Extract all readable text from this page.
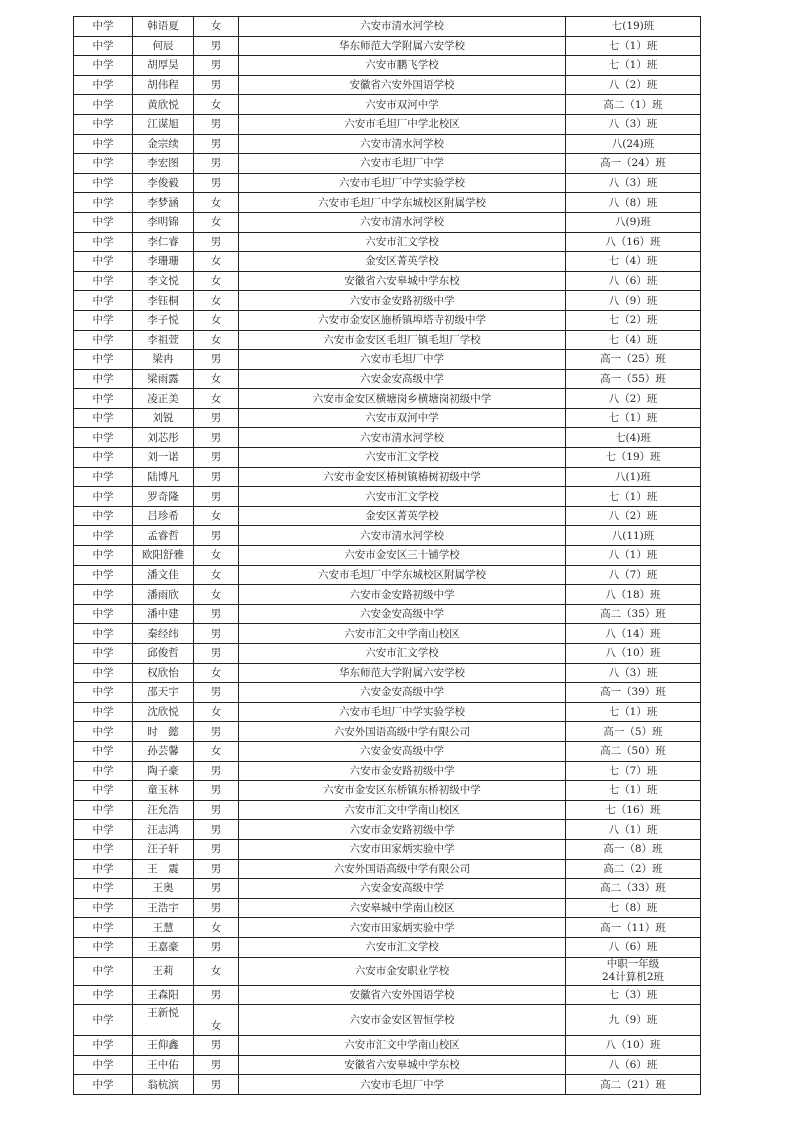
中学	韩语夏	女	六安市清水河学校	七(19)班
中学	何辰	男	华东师范大学附属六安学校	七（1）班
中学	胡厚昊	男	六安市鹏飞学校	七（1）班
中学	胡伟程	男	安徽省六安外国语学校	八（2）班
中学	黄欣悦	女	六安市双河中学	高二（1）班
中学	江谋旭	男	六安市毛坦厂中学北校区	八（3）班
中学	金宗续	男	六安市清水河学校	八(24)班
中学	李宏图	男	六安市毛坦厂中学	高一（24）班
中学	李俊毅	男	六安市毛坦厂中学实验学校	八（3）班
中学	李梦涵	女	六安市毛坦厂中学东城校区附属学校	八（8）班
中学	李明锦	女	六安市清水河学校	八(9)班
中学	李仁睿	男	六安市汇文学校	八（16）班
中学	李珊珊	女	金安区菁英学校	七（4）班
中学	李文悦	女	安徽省六安皋城中学东校	八（6）班
中学	李钰桐	女	六安市金安路初级中学	八（9）班
中学	李子悦	女	六安市金安区施桥镇埠塔寺初级中学	七（2）班
中学	李祖萱	女	六安市金安区毛坦厂镇毛坦厂学校	七（4）班
中学	梁冉	男	六安市毛坦厂中学	高一（25）班
中学	梁雨露	女	六安金安高级中学	高一（55）班
中学	凌正美	女	六安市金安区横塘岗乡横塘岗初级中学	八（2）班
中学	刘锐	男	六安市双河中学	七（1）班
中学	刘芯彤	男	六安市清水河学校	七(4)班
中学	刘一诺	男	六安市汇文学校	七（19）班
中学	陆博凡	男	六安市金安区椿树镇椿树初级中学	八(1)班
中学	罗奇隆	男	六安市汇文学校	七（1）班
中学	吕珍希	女	金安区菁英学校	八（2）班
中学	孟睿哲	男	六安市清水河学校	八(11)班
中学	欧阳舒雅	女	六安市金安区三十铺学校	八（1）班
中学	潘文佳	女	六安市毛坦厂中学东城校区附属学校	八（7）班
中学	潘雨欣	女	六安市金安路初级中学	八（18）班
中学	潘中建	男	六安金安高级中学	高二（35）班
中学	秦经纬	男	六安市汇文中学南山校区	八（14）班
中学	邱俊哲	男	六安市汇文学校	八（10）班
中学	权欣怡	女	华东师范大学附属六安学校	八（3）班
中学	邵天宇	男	六安金安高级中学	高一（39）班
中学	沈欣悦	女	六安市毛坦厂中学实验学校	七（1）班
中学	时　懿	男	六安外国语高级中学有限公司	高一（5）班
中学	孙芸馨	女	六安金安高级中学	高二（50）班
中学	陶子豪	男	六安市金安路初级中学	七（7）班
中学	童玉林	男	六安市金安区东桥镇东桥初级中学	七（1）班
中学	汪允浩	男	六安市汇文中学南山校区	七（16）班
中学	汪志鸿	男	六安市金安路初级中学	八（1）班
中学	汪子轩	男	六安市田家炳实验中学	高一（8）班
中学	王　震	男	六安外国语高级中学有限公司	高二（2）班
中学	王奥	男	六安金安高级中学	高二（33）班
中学	王浩宇	男	六安皋城中学南山校区	七（8）班
中学	王慧	女	六安市田家炳实验中学	高一（11）班
中学	王嘉豪	男	六安市汇文学校	八（6）班
中学	王莉	女	六安市金安职业学校	中职一年级
24计算机2班
中学	王森阳	男	安徽省六安外国语学校	七（3）班
中学	王新悦	女	六安市金安区智恒学校	九（9）班
中学	王仰鑫	男	六安市汇文中学南山校区	八（10）班
中学	王中佑	男	安徽省六安皋城中学东校	八（6）班
中学	翁杭滨	男	六安市毛坦厂中学	高二（21）班
